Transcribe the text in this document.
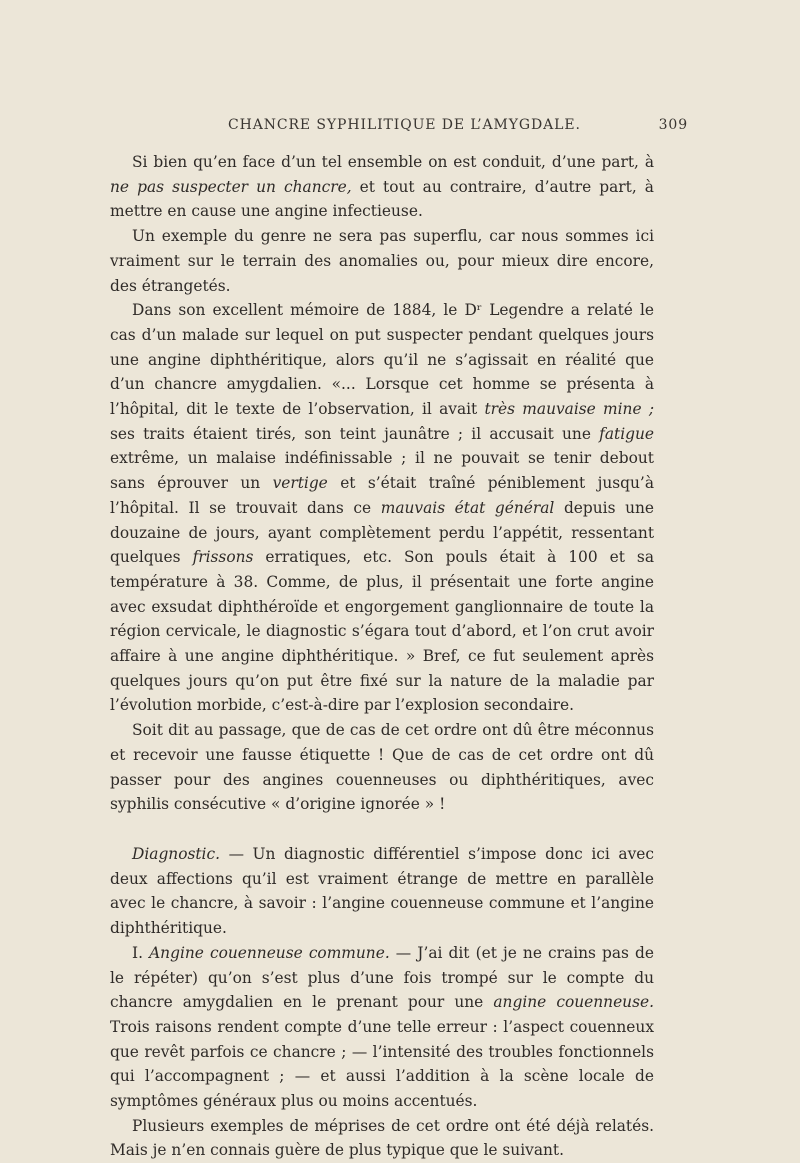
CHANCRE SYPHILITIQUE DE L’AMYGDALE.	309

Si bien qu’en face d’un tel ensemble on est conduit, d’une part, à ne pas suspecter un chancre, et tout au contraire, d’autre part, à mettre en cause une angine infectieuse.

Un exemple du genre ne sera pas superflu, car nous sommes ici vraiment sur le terrain des anomalies ou, pour mieux dire encore, des étrangetés.

Dans son excellent mémoire de 1884, le Dʳ Legendre a relaté le cas d’un malade sur lequel on put suspecter pendant quelques jours une angine diphthéritique, alors qu’il ne s’agissait en réalité que d’un chancre amygdalien. «... Lorsque cet homme se présenta à l’hôpital, dit le texte de l’observation, il avait très mauvaise mine ; ses traits étaient tirés, son teint jaunâtre ; il accusait une fatigue extrême, un malaise indéfinissable ; il ne pouvait se tenir debout sans éprouver un vertige et s’était traîné péniblement jusqu’à l’hôpital. Il se trouvait dans ce mauvais état général depuis une douzaine de jours, ayant complètement perdu l’appétit, ressentant quelques frissons erratiques, etc. Son pouls était à 100 et sa température à 38. Comme, de plus, il présentait une forte angine avec exsudat diphthéroïde et engorgement ganglionnaire de toute la région cervicale, le diagnostic s’égara tout d’abord, et l’on crut avoir affaire à une angine diphthéritique. » Bref, ce fut seulement après quelques jours qu’on put être fixé sur la nature de la maladie par l’évolution morbide, c’est-à-dire par l’explosion secondaire.

Soit dit au passage, que de cas de cet ordre ont dû être méconnus et recevoir une fausse étiquette ! Que de cas de cet ordre ont dû passer pour des angines couenneuses ou diphthéritiques, avec syphilis consécutive « d’origine ignorée » !

Diagnostic. — Un diagnostic différentiel s’impose donc ici avec deux affections qu’il est vraiment étrange de mettre en parallèle avec le chancre, à savoir : l’angine couenneuse commune et l’angine diphthéritique.

I. Angine couenneuse commune. — J’ai dit (et je ne crains pas de le répéter) qu’on s’est plus d’une fois trompé sur le compte du chancre amygdalien en le prenant pour une angine couenneuse. Trois raisons rendent compte d’une telle erreur : l’aspect couenneux que revêt parfois ce chancre ; — l’intensité des troubles fonctionnels qui l’accompagnent ; — et aussi l’addition à la scène locale de symptômes généraux plus ou moins accentués.

Plusieurs exemples de méprises de cet ordre ont été déjà relatés. Mais je n’en connais guère de plus typique que le suivant.
